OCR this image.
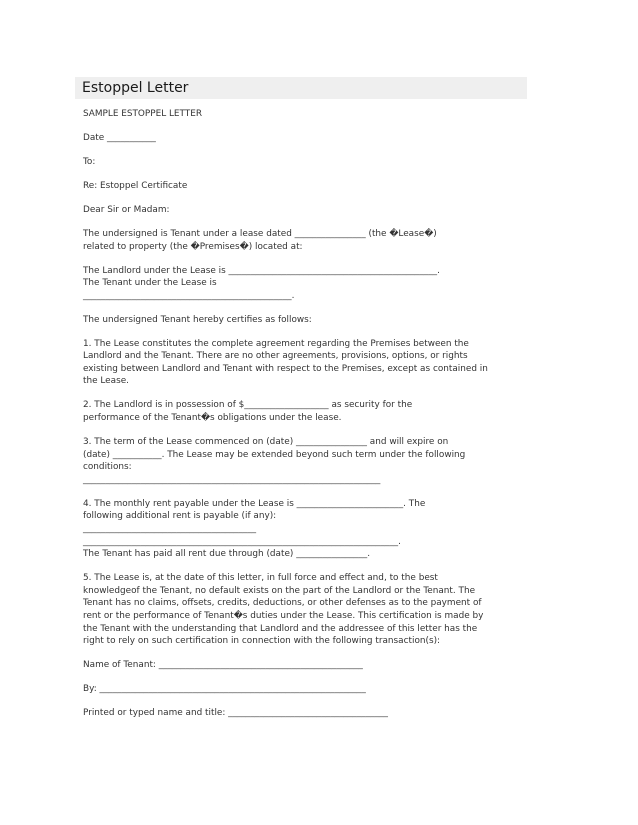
Estoppel Letter

SAMPLE ESTOPPEL LETTER

Date ___________

To:

Re: Estoppel Certificate

Dear Sir or Madam:

The undersigned is Tenant under a lease dated ________________ (the �Lease�)

related to property (the �Premises�) located at:

The Landlord under the Lease is _______________________________________________.

The Tenant under the Lease is

_______________________________________________.

The undersigned Tenant hereby certifies as follows:

1. The Lease constitutes the complete agreement regarding the Premises between the

Landlord and the Tenant. There are no other agreements, provisions, options, or rights

existing between Landlord and Tenant with respect to the Premises, except as contained in

the Lease.

2. The Landlord is in possession of $___________________ as security for the

performance of the Tenant�s obligations under the lease.

3. The term of the Lease commenced on (date) ________________ and will expire on

(date) ___________. The Lease may be extended beyond such term under the following

conditions:

___________________________________________________________________

4. The monthly rent payable under the Lease is ________________________. The

following additional rent is payable (if any):

_______________________________________

_______________________________________________________________________.

The Tenant has paid all rent due through (date) ________________.

5. The Lease is, at the date of this letter, in full force and effect and, to the best

knowledgeof the Tenant, no default exists on the part of the Landlord or the Tenant. The

Tenant has no claims, offsets, credits, deductions, or other defenses as to the payment of

rent or the performance of Tenant�s duties under the Lease. This certification is made by

the Tenant with the understanding that Landlord and the addressee of this letter has the

right to rely on such certification in connection with the following transaction(s):

Name of Tenant: ______________________________________________

By: ____________________________________________________________

Printed or typed name and title: ____________________________________
